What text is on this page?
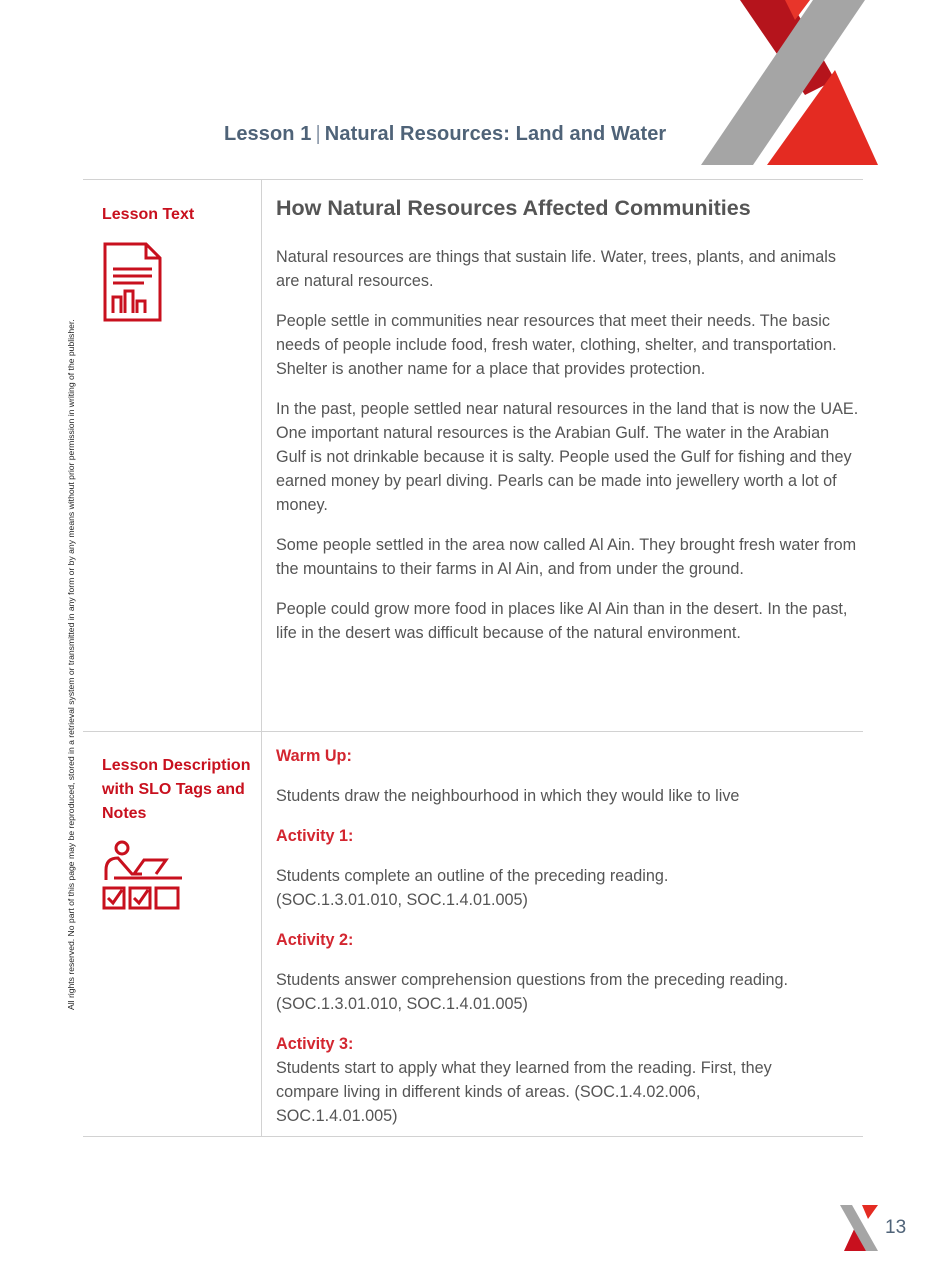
Lesson 1 | Natural Resources: Land and Water
All rights reserved. No part of this page may be reproduced, stored in a retrieval system or transmitted in any form or by any means without prior permission in writing of the publisher.
Lesson Text	How Natural Resources Affected Communities

Natural resources are things that sustain life. Water, trees, plants, and animals are natural resources.

People settle in communities near resources that meet their needs. The basic needs of people include food, fresh water, clothing, shelter, and transportation. Shelter is another name for a place that provides protection.

In the past, people settled near natural resources in the land that is now the UAE. One important natural resources is the Arabian Gulf. The water in the Arabian Gulf is not drinkable because it is salty. People used the Gulf for fishing and they earned money by pearl diving. Pearls can be made into jewellery worth a lot of money.

Some people settled in the area now called Al Ain. They brought fresh water from the mountains to their farms in Al Ain, and from under the ground.

People could grow more food in places like Al Ain than in the desert. In the past, life in the desert was difficult because of the natural environment.

Lesson Description with SLO Tags and Notes
Warm Up:
Students draw the neighbourhood in which they would like to live
Activity 1:
Students complete an outline of the preceding reading. (SOC.1.3.01.010, SOC.1.4.01.005)
Activity 2:
Students answer comprehension questions from the preceding reading. (SOC.1.3.01.010, SOC.1.4.01.005)
Activity 3:
Students start to apply what they learned from the reading. First, they compare living in different kinds of areas. (SOC.1.4.02.006, SOC.1.4.01.005)
13
